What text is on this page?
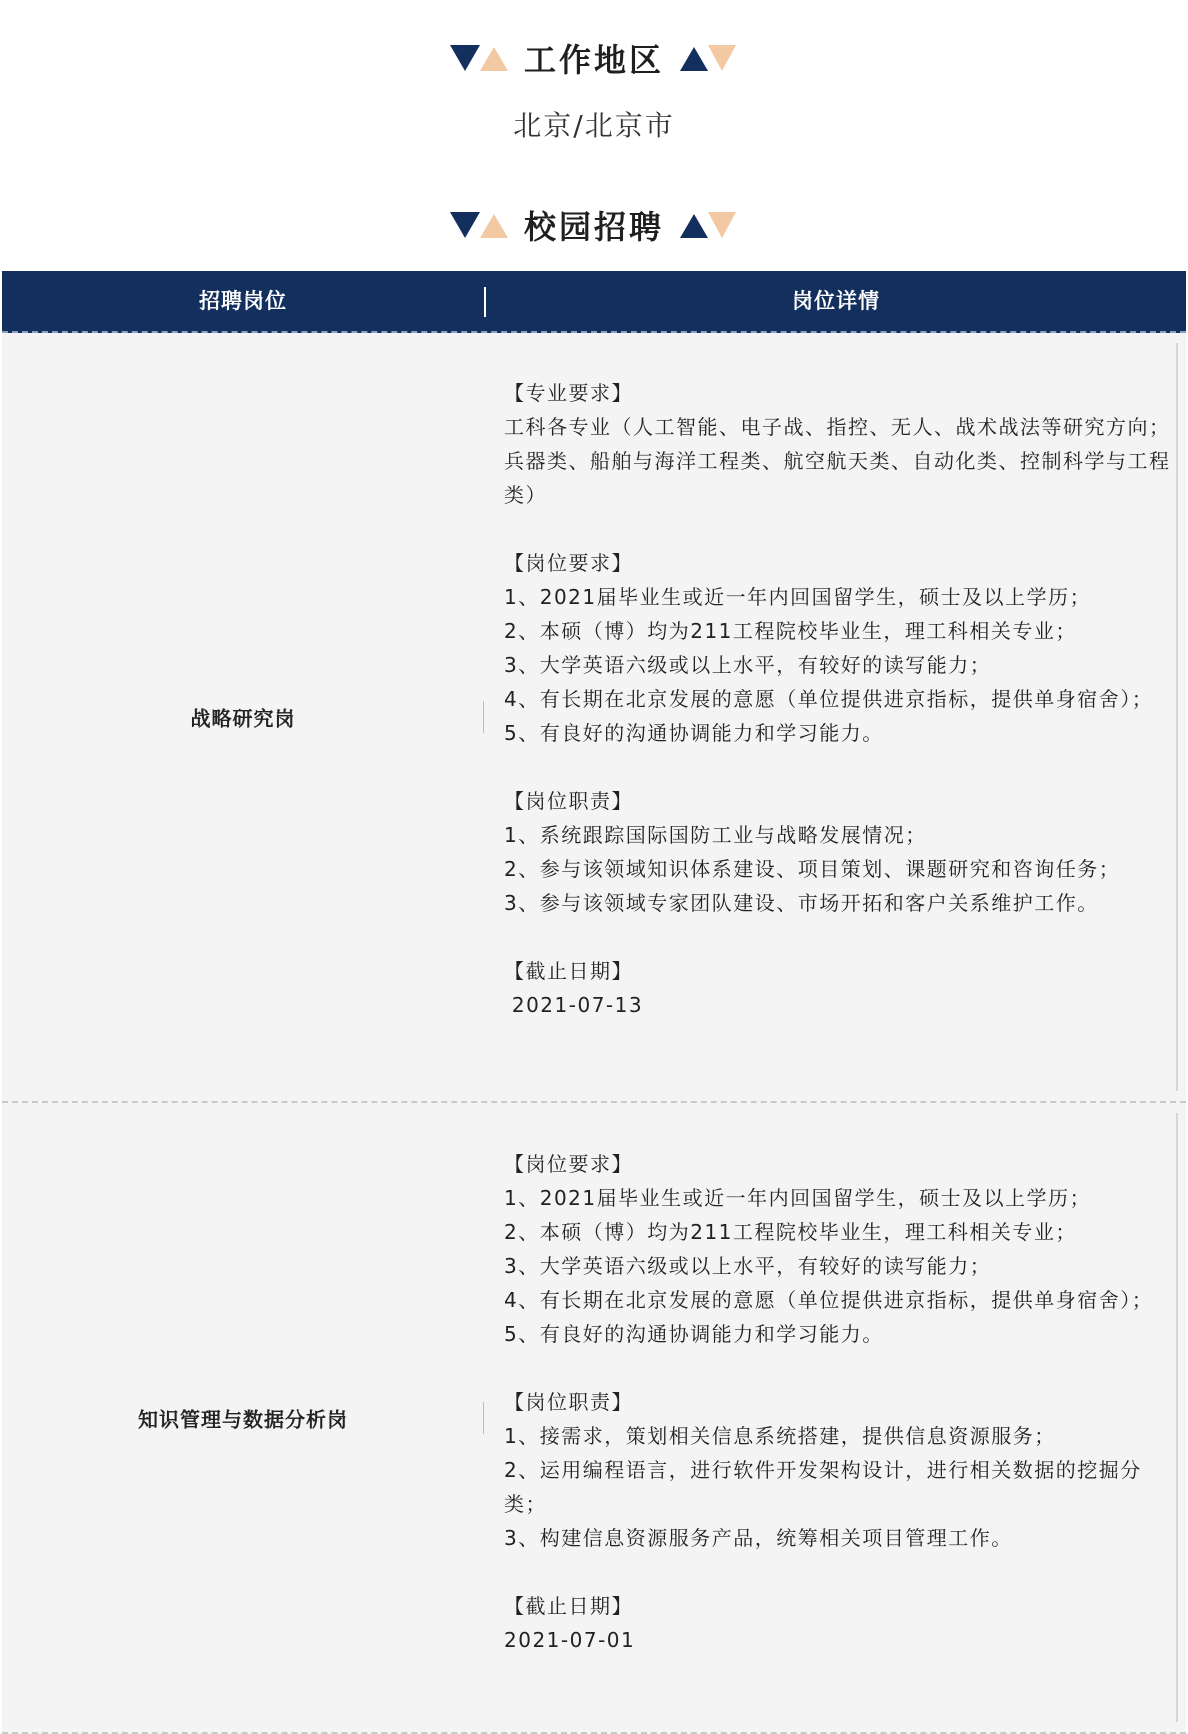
工作地区
北京/北京市
校园招聘
招聘岗位	岗位详情
战略研究岗
【专业要求】
工科各专业（人工智能、电子战、指控、无人、战术战法等研究方向；兵器类、船舶与海洋工程类、航空航天类、自动化类、控制科学与工程类）
【岗位要求】
1、2021届毕业生或近一年内回国留学生，硕士及以上学历；
2、本硕（博）均为211工程院校毕业生，理工科相关专业；
3、大学英语六级或以上水平，有较好的读写能力；
4、有长期在北京发展的意愿（单位提供进京指标，提供单身宿舍）；
5、有良好的沟通协调能力和学习能力。
【岗位职责】
1、系统跟踪国际国防工业与战略发展情况；
2、参与该领域知识体系建设、项目策划、课题研究和咨询任务；
3、参与该领域专家团队建设、市场开拓和客户关系维护工作。
【截止日期】
2021-07-13
知识管理与数据分析岗
【岗位要求】
1、2021届毕业生或近一年内回国留学生，硕士及以上学历；
2、本硕（博）均为211工程院校毕业生，理工科相关专业；
3、大学英语六级或以上水平，有较好的读写能力；
4、有长期在北京发展的意愿（单位提供进京指标，提供单身宿舍）；
5、有良好的沟通协调能力和学习能力。
【岗位职责】
1、接需求，策划相关信息系统搭建，提供信息资源服务；
2、运用编程语言，进行软件开发架构设计，进行相关数据的挖掘分类；
3、构建信息资源服务产品，统筹相关项目管理工作。
【截止日期】
2021-07-01
